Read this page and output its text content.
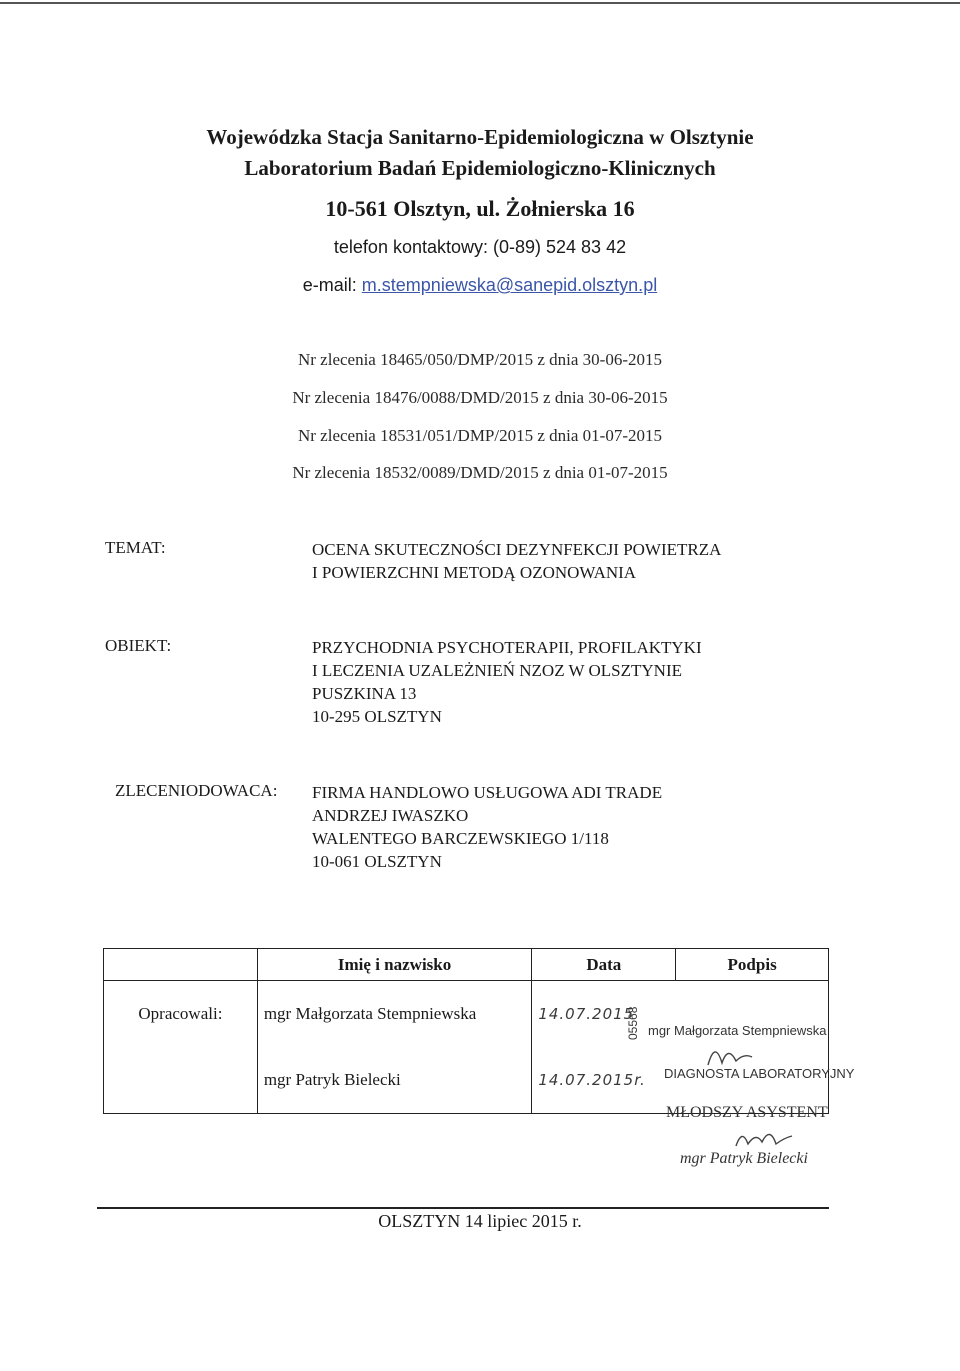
Wojewódzka Stacja Sanitarno-Epidemiologiczna w Olsztynie
Laboratorium Badań Epidemiologiczno-Klinicznych
10-561 Olsztyn, ul. Żołnierska 16
telefon kontaktowy: (0-89) 524 83 42
e-mail: m.stempniewska@sanepid.olsztyn.pl
Nr zlecenia 18465/050/DMP/2015 z dnia 30-06-2015
Nr zlecenia 18476/0088/DMD/2015 z dnia 30-06-2015
Nr zlecenia 18531/051/DMP/2015 z dnia 01-07-2015
Nr zlecenia 18532/0089/DMD/2015 z dnia 01-07-2015
TEMAT:	OCENA SKUTECZNOŚCI DEZYNFEKCJI POWIETRZA
I POWIERZCHNI METODĄ OZONOWANIA
OBIEKT:	PRZYCHODNIA PSYCHOTERAPII, PROFILAKTYKI
I LECZENIA UZALEŻNIEŃ NZOZ W OLSZTYNIE
PUSZKINA 13
10-295 OLSZTYN
ZLECENIODOWACA: FIRMA HANDLOWO USŁUGOWA ADI TRADE
ANDRZEJ IWASZKO
WALENTEGO BARCZEWSKIEGO 1/118
10-061 OLSZTYN
	Imię i nazwisko	Data	Podpis
Opracowali:	mgr Małgorzata Stempniewska	14.07.2015	
	mgr Patryk Bielecki	14.07.2015r.	
mgr Małgorzata Stempniewska
DIAGNOSTA LABORATORYJNY
05568
MŁODSZY ASYSTENT
mgr Patryk Bielecki
OLSZTYN 14 lipiec 2015 r.
